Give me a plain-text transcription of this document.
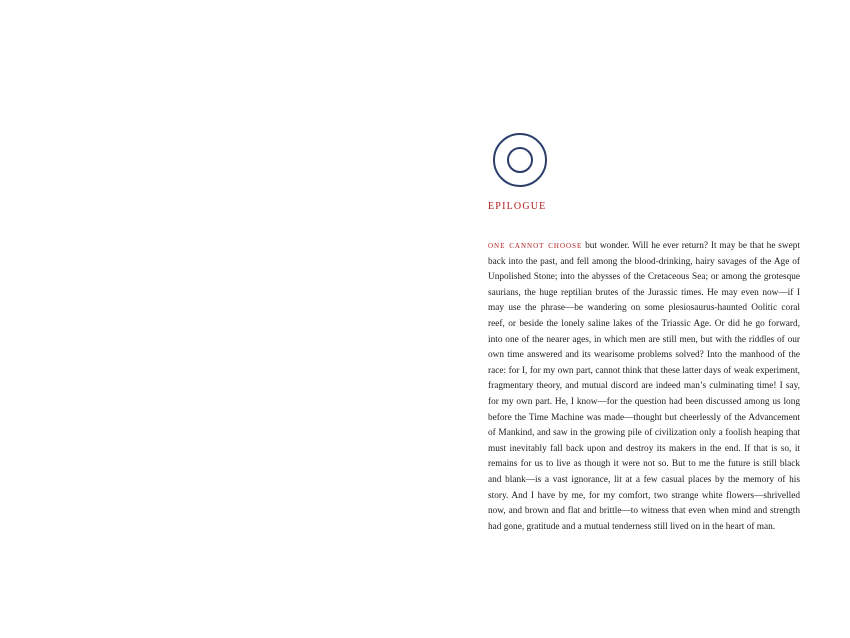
EPILOGUE

one cannot choose but wonder. Will he ever return? It may be that he swept back into the past, and fell among the blood-drinking, hairy savages of the Age of Unpolished Stone; into the abysses of the Cretaceous Sea; or among the grotesque saurians, the huge reptilian brutes of the Jurassic times. He may even now—if I may use the phrase—be wandering on some plesiosaurus-haunted Oolitic coral reef, or beside the lonely saline lakes of the Triassic Age. Or did he go forward, into one of the nearer ages, in which men are still men, but with the riddles of our own time answered and its wearisome problems solved? Into the manhood of the race: for I, for my own part, cannot think that these latter days of weak experiment, fragmentary theory, and mutual discord are indeed man’s culminating time! I say, for my own part. He, I know—for the question had been discussed among us long before the Time Machine was made—thought but cheerlessly of the Advancement of Mankind, and saw in the growing pile of civilization only a foolish heaping that must inevitably fall back upon and destroy its makers in the end. If that is so, it remains for us to live as though it were not so. But to me the future is still black and blank—is a vast ignorance, lit at a few casual places by the memory of his story. And I have by me, for my comfort, two strange white flowers—shrivelled now, and brown and flat and brittle—to witness that even when mind and strength had gone, gratitude and a mutual tenderness still lived on in the heart of man.
